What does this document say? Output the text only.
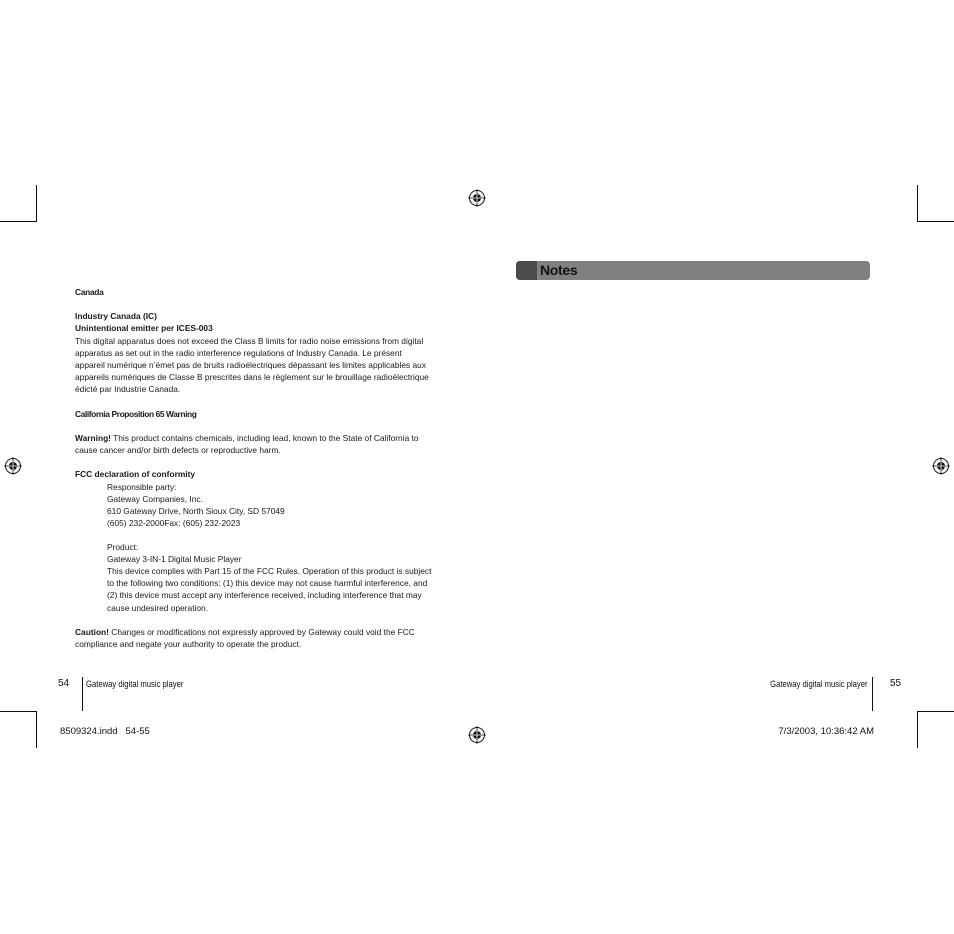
Canada
Industry Canada (IC)
Unintentional emitter per ICES-003
This digital apparatus does not exceed the Class B limits for radio noise emissions from digital
apparatus as set out in the radio interference regulations of Industry Canada. Le présent
appareil numérique n’émet pas de bruits radioélectriques dépassant les limites applicables aux
appareils numériques de Classe B prescrites dans le règlement sur le brouillage radioélectrique
édicté par Industrie Canada.
California Proposition 65 Warning
Warning! This product contains chemicals, including lead, known to the State of California to
cause cancer and/or birth defects or reproductive harm.
FCC declaration of conformity
Responsible party:
Gateway Companies, Inc.
610 Gateway Drive, North Sioux City, SD 57049
(605) 232-2000Fax: (605) 232-2023
Product:
Gateway 3-IN-1 Digital Music Player
This device complies with Part 15 of the FCC Rules. Operation of this product is subject
to the following two conditions: (1) this device may not cause harmful interference, and
(2) this device must accept any interference received, including interference that may
cause undesired operation.
Caution! Changes or modifications not expressly approved by Gateway could void the FCC
compliance and negate your authority to operate the product.
54 Gateway digital music player
Notes
Gateway digital music player 55
8509324.indd   54-55	7/3/2003, 10:36:42 AM
